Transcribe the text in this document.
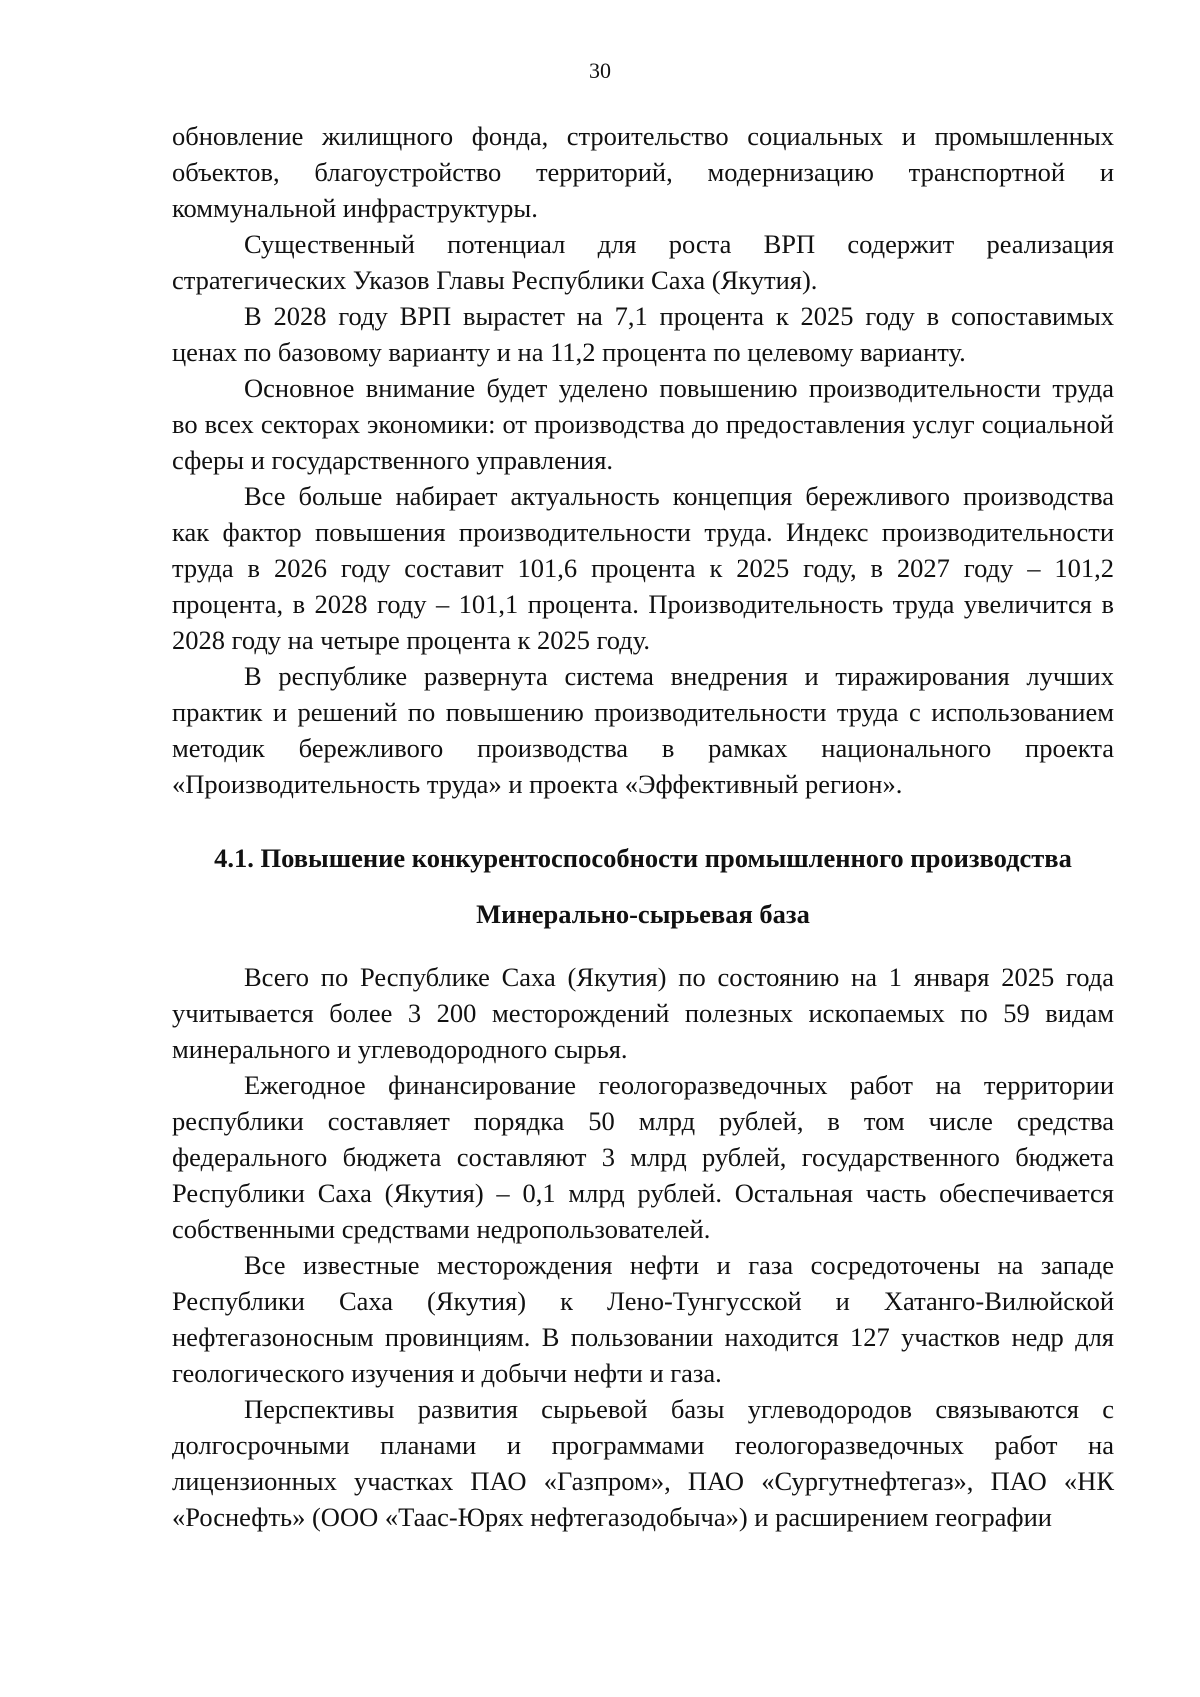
30

обновление жилищного фонда, строительство социальных и промышленных объектов, благоустройство территорий, модернизацию транспортной и коммунальной инфраструктуры.

Существенный потенциал для роста ВРП содержит реализация стратегических Указов Главы Республики Саха (Якутия).

В 2028 году ВРП вырастет на 7,1 процента к 2025 году в сопоставимых ценах по базовому варианту и на 11,2 процента по целевому варианту.

Основное внимание будет уделено повышению производительности труда во всех секторах экономики: от производства до предоставления услуг социальной сферы и государственного управления.

Все больше набирает актуальность концепция бережливого производства как фактор повышения производительности труда. Индекс производительности труда в 2026 году составит 101,6 процента к 2025 году, в 2027 году – 101,2 процента, в 2028 году – 101,1 процента. Производительность труда увеличится в 2028 году на четыре процента к 2025 году.

В республике развернута система внедрения и тиражирования лучших практик и решений по повышению производительности труда с использованием методик бережливого производства в рамках национального проекта «Производительность труда» и проекта «Эффективный регион».

4.1. Повышение конкурентоспособности промышленного производства
Минерально-сырьевая база

Всего по Республике Саха (Якутия) по состоянию на 1 января 2025 года учитывается более 3 200 месторождений полезных ископаемых по 59 видам минерального и углеводородного сырья.

Ежегодное финансирование геологоразведочных работ на территории республики составляет порядка 50 млрд рублей, в том числе средства федерального бюджета составляют 3 млрд рублей, государственного бюджета Республики Саха (Якутия) – 0,1 млрд рублей. Остальная часть обеспечивается собственными средствами недропользователей.

Все известные месторождения нефти и газа сосредоточены на западе Республики Саха (Якутия) к Лено-Тунгусской и Хатанго-Вилюйской нефтегазоносным провинциям. В пользовании находится 127 участков недр для геологического изучения и добычи нефти и газа.

Перспективы развития сырьевой базы углеводородов связываются с долгосрочными планами и программами геологоразведочных работ на лицензионных участках ПАО «Газпром», ПАО «Сургутнефтегаз», ПАО «НК «Роснефть» (ООО «Таас-Юрях нефтегазодобыча») и расширением географии
